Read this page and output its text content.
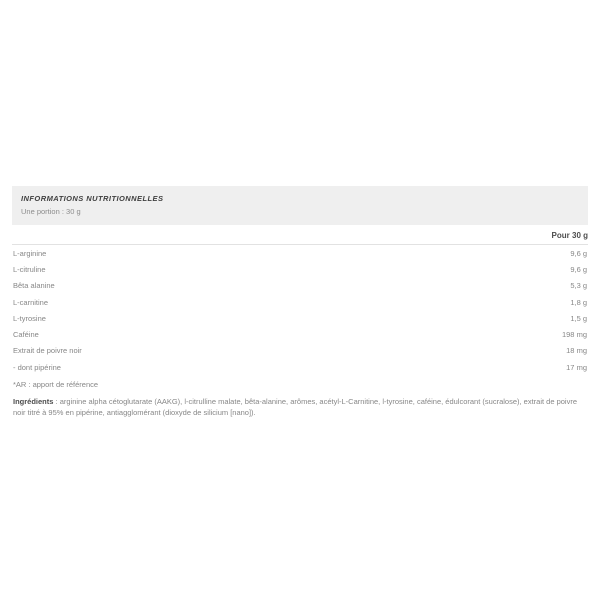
INFORMATIONS NUTRITIONNELLES
Une portion : 30 g
Pour 30 g
L-arginine	9,6 g
L-citruline	9,6 g
Bêta alanine	5,3 g
L-carnitine	1,8 g
L-tyrosine	1,5 g
Caféine	198 mg
Extrait de poivre noir	18 mg
- dont pipérine	17 mg
*AR : apport de référence

Ingrédients : arginine alpha cétoglutarate (AAKG), l-citrulline malate, bêta-alanine, arômes, acétyl-L-Carnitine, l-tyrosine, caféine, édulcorant (sucralose), extrait de poivre noir titré à 95% en pipérine, antiagglomérant (dioxyde de silicium [nano]).
